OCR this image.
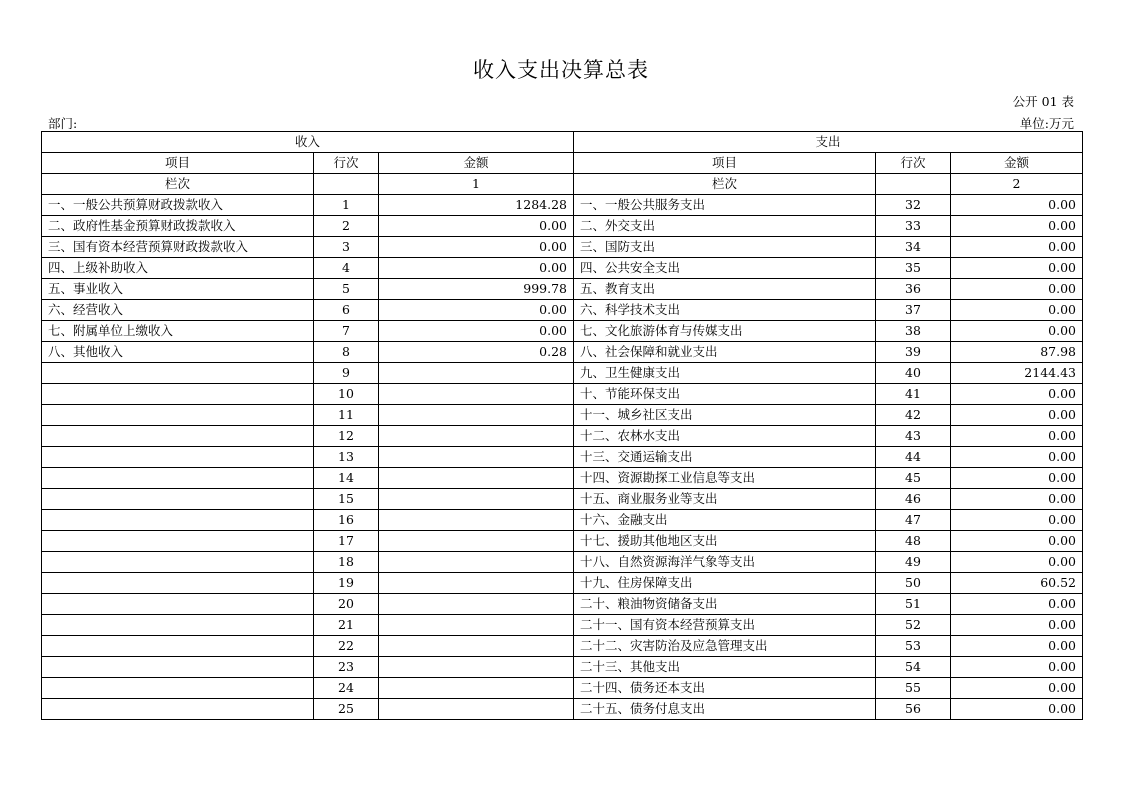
收入支出决算总表
公开 01 表
部门:	单位:万元
收入			支出		
项目	行次	金额	项目	行次	金额
栏次		1	栏次		2
一、一般公共预算财政拨款收入	1	1284.28	一、一般公共服务支出	32	0.00
二、政府性基金预算财政拨款收入	2	0.00	二、外交支出	33	0.00
三、国有资本经营预算财政拨款收入	3	0.00	三、国防支出	34	0.00
四、上级补助收入	4	0.00	四、公共安全支出	35	0.00
五、事业收入	5	999.78	五、教育支出	36	0.00
六、经营收入	6	0.00	六、科学技术支出	37	0.00
七、附属单位上缴收入	7	0.00	七、文化旅游体育与传媒支出	38	0.00
八、其他收入	8	0.28	八、社会保障和就业支出	39	87.98
	9		九、卫生健康支出	40	2144.43
	10		十、节能环保支出	41	0.00
	11		十一、城乡社区支出	42	0.00
	12		十二、农林水支出	43	0.00
	13		十三、交通运输支出	44	0.00
	14		十四、资源勘探工业信息等支出	45	0.00
	15		十五、商业服务业等支出	46	0.00
	16		十六、金融支出	47	0.00
	17		十七、援助其他地区支出	48	0.00
	18		十八、自然资源海洋气象等支出	49	0.00
	19		十九、住房保障支出	50	60.52
	20		二十、粮油物资储备支出	51	0.00
	21		二十一、国有资本经营预算支出	52	0.00
	22		二十二、灾害防治及应急管理支出	53	0.00
	23		二十三、其他支出	54	0.00
	24		二十四、债务还本支出	55	0.00
	25		二十五、债务付息支出	56	0.00
